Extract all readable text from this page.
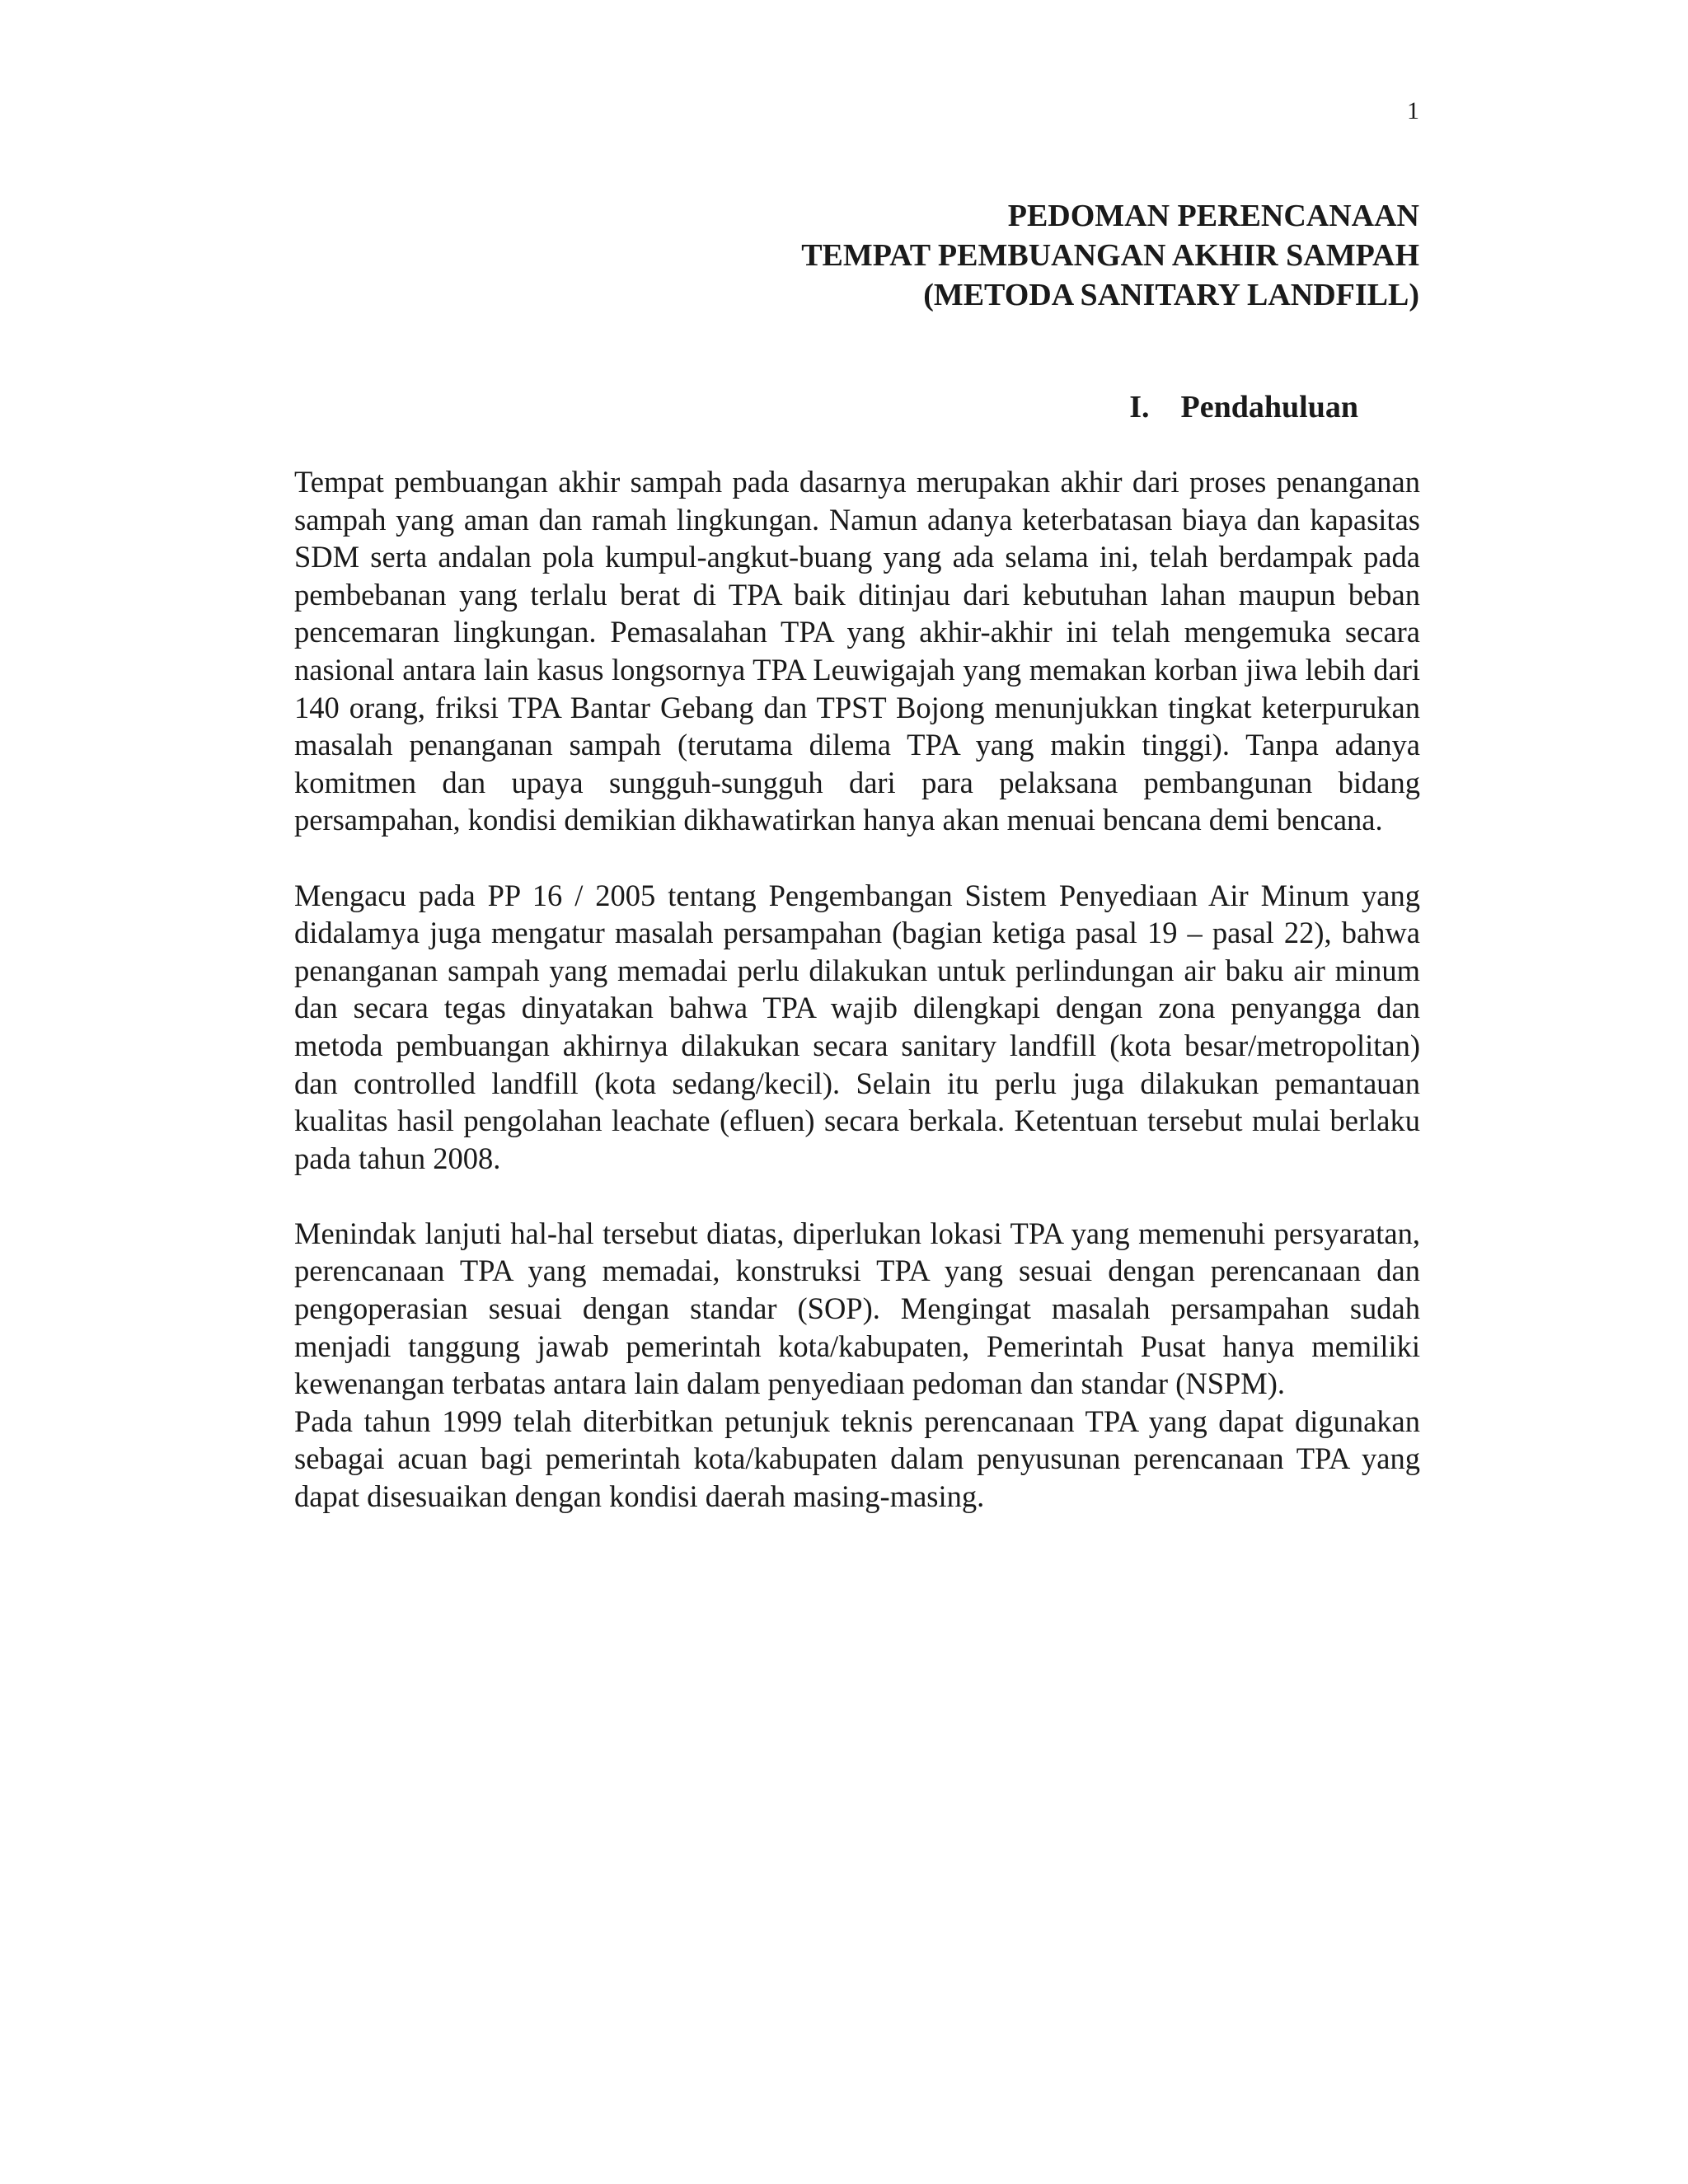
1
PEDOMAN PERENCANAAN
TEMPAT PEMBUANGAN AKHIR SAMPAH
(METODA SANITARY LANDFILL)
I. Pendahuluan

Tempat pembuangan akhir sampah pada dasarnya merupakan akhir dari proses penanganan sampah yang aman dan ramah lingkungan. Namun adanya keterbatasan biaya dan kapasitas SDM serta andalan pola kumpul-angkut-buang yang ada selama ini, telah berdampak pada pembebanan yang terlalu berat di TPA baik ditinjau dari kebutuhan lahan maupun beban pencemaran lingkungan. Pemasalahan TPA yang akhir-akhir ini telah mengemuka secara nasional antara lain kasus longsornya TPA Leuwigajah yang memakan korban jiwa lebih dari 140 orang, friksi TPA Bantar Gebang dan TPST Bojong menunjukkan tingkat keterpurukan masalah penanganan sampah (terutama dilema TPA yang makin tinggi). Tanpa adanya komitmen dan upaya sungguh-sungguh dari para pelaksana pembangunan bidang persampahan, kondisi demikian dikhawatirkan hanya akan menuai bencana demi bencana.

Mengacu pada PP 16 / 2005 tentang Pengembangan Sistem Penyediaan Air Minum yang didalamya juga mengatur masalah persampahan (bagian ketiga pasal 19 – pasal 22), bahwa penanganan sampah yang memadai perlu dilakukan untuk perlindungan air baku air minum dan secara tegas dinyatakan bahwa TPA wajib dilengkapi dengan zona penyangga dan metoda pembuangan akhirnya dilakukan secara sanitary landfill (kota besar/metropolitan) dan controlled landfill (kota sedang/kecil). Selain itu perlu juga dilakukan pemantauan kualitas hasil pengolahan leachate (efluen) secara berkala. Ketentuan tersebut mulai berlaku pada tahun 2008.

Menindak lanjuti hal-hal tersebut diatas, diperlukan lokasi TPA yang memenuhi persyaratan, perencanaan TPA yang memadai, konstruksi TPA yang sesuai dengan perencanaan dan pengoperasian sesuai dengan standar (SOP). Mengingat masalah persampahan sudah menjadi tanggung jawab pemerintah kota/kabupaten, Pemerintah Pusat hanya memiliki kewenangan terbatas antara lain dalam penyediaan pedoman dan standar (NSPM).

Pada tahun 1999 telah diterbitkan petunjuk teknis perencanaan TPA yang dapat digunakan sebagai acuan bagi pemerintah kota/kabupaten dalam penyusunan perencanaan TPA yang dapat disesuaikan dengan kondisi daerah masing-masing.
